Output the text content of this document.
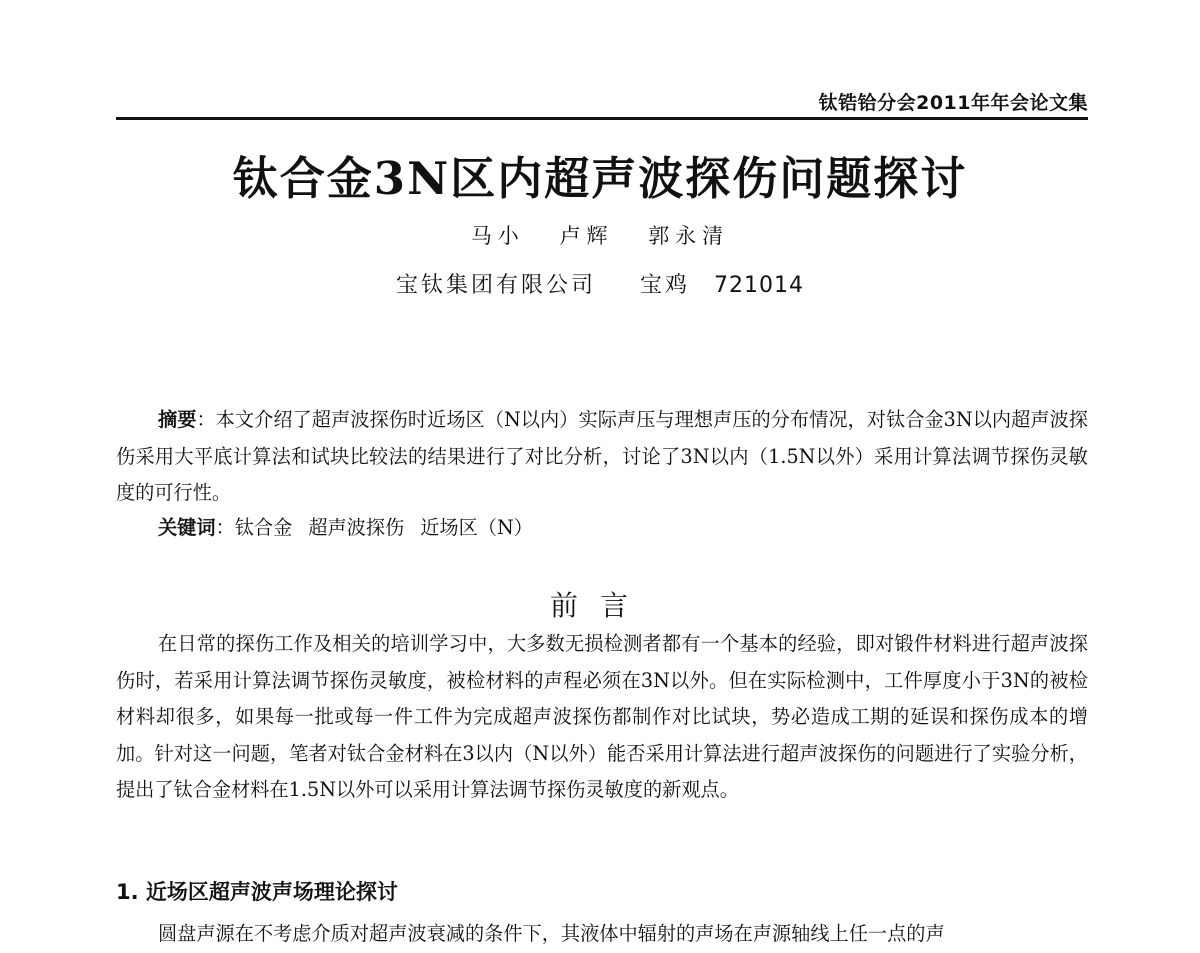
钛锆铪分会2011年年会论文集
钛合金3N区内超声波探伤问题探讨
马小 卢辉 郭永清
宝钛集团有限公司 宝鸡 721014
摘要：本文介绍了超声波探伤时近场区（N以内）实际声压与理想声压的分布情况，对钛合金3N以内超声波探伤采用大平底计算法和试块比较法的结果进行了对比分析，讨论了3N以内（1.5N以外）采用计算法调节探伤灵敏度的可行性。
关键词：钛合金 超声波探伤 近场区（N）
前言
在日常的探伤工作及相关的培训学习中，大多数无损检测者都有一个基本的经验，即对锻件材料进行超声波探伤时，若采用计算法调节探伤灵敏度，被检材料的声程必须在3N以外。但在实际检测中，工件厚度小于3N的被检材料却很多，如果每一批或每一件工件为完成超声波探伤都制作对比试块，势必造成工期的延误和探伤成本的增加。针对这一问题，笔者对钛合金材料在3以内（N以外）能否采用计算法进行超声波探伤的问题进行了实验分析，提出了钛合金材料在1.5N以外可以采用计算法调节探伤灵敏度的新观点。
1. 近场区超声波声场理论探讨
圆盘声源在不考虑介质对超声波衰减的条件下，其液体中辐射的声场在声源轴线上任一点的声
